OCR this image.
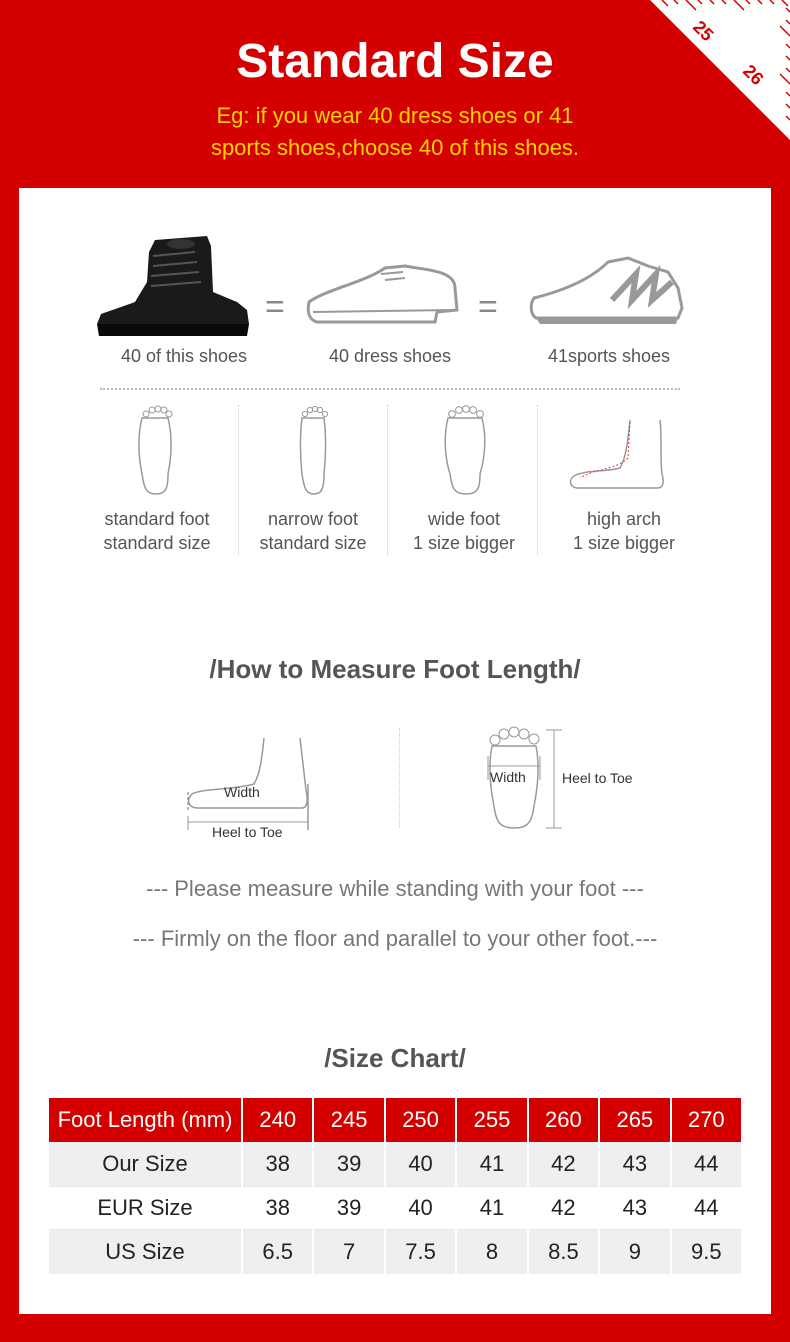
25
26
Standard Size
Eg: if you wear 40 dress shoes or 41
sports shoes,choose 40 of this shoes.
=	=
40 of this shoes	40 dress shoes	41sports shoes
standard foot
standard size
narrow foot
standard size
wide foot
1 size bigger
high arch
1 size bigger
/How to Measure Foot Length/
Width
Heel to Toe
Width	Heel to Toe
--- Please measure while standing with your foot ---
--- Firmly on the floor and parallel to your other foot.---
/Size Chart/
Foot Length (mm)	240	245	250	255	260	265	270
Our Size	38	39	40	41	42	43	44
EUR Size	38	39	40	41	42	43	44
US Size	6.5	7	7.5	8	8.5	9	9.5
